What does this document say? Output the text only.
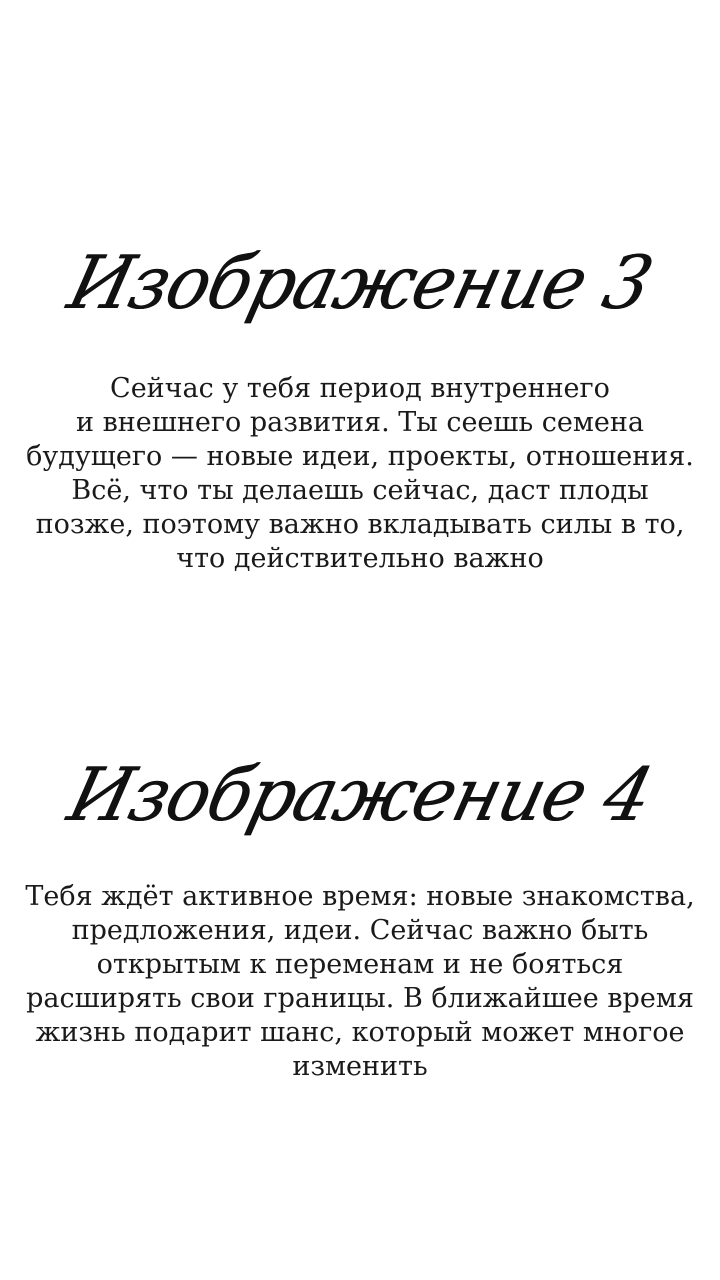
Изображение 3
Сейчас у тебя период внутреннего
и внешнего развития. Ты сеешь семена
будущего — новые идеи, проекты, отношения.
Всё, что ты делаешь сейчас, даст плоды
позже, поэтому важно вкладывать силы в то,
что действительно важно
Изображение 4
Тебя ждёт активное время: новые знакомства,
предложения, идеи. Сейчас важно быть
открытым к переменам и не бояться
расширять свои границы. В ближайшее время
жизнь подарит шанс, который может многое
изменить
